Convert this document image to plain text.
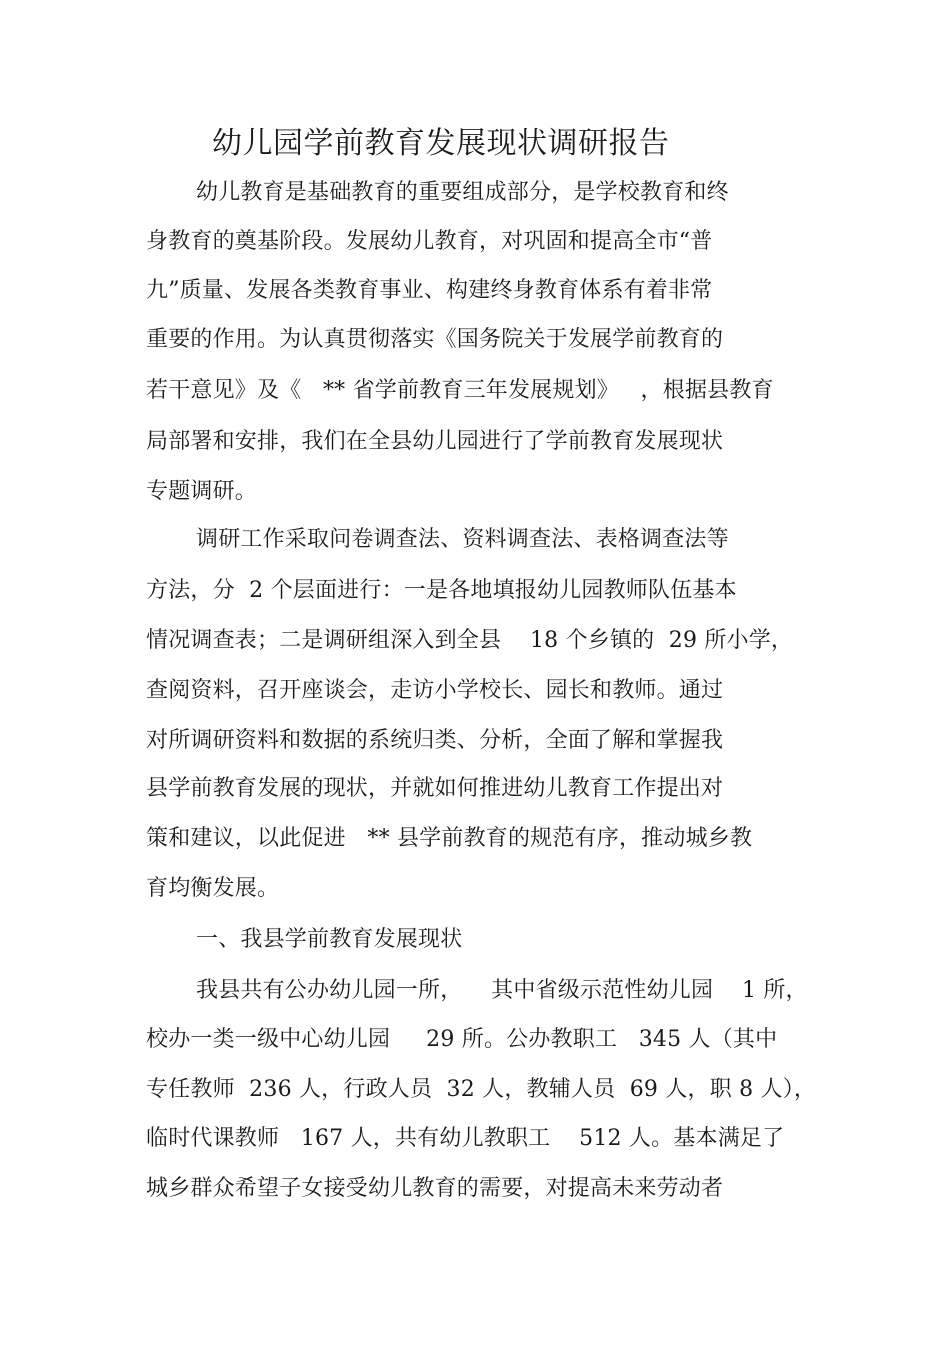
幼儿园学前教育发展现状调研报告
幼儿教育是基础教育的重要组成部分，是学校教育和终
身教育的奠基阶段。发展幼儿教育，对巩固和提高全市“普
九”质量、发展各类教育事业、构建终身教育体系有着非常
重要的作用。为认真贯彻落实《国务院关于发展学前教育的
若干意见》及《   ** 省学前教育三年发展规划》   ，根据县教育
局部署和安排，我们在全县幼儿园进行了学前教育发展现状
专题调研。
调研工作采取问卷调查法、资料调查法、表格调查法等
方法，分  2 个层面进行：一是各地填报幼儿园教师队伍基本
情况调查表；二是调研组深入到全县    18 个乡镇的  29 所小学，
查阅资料，召开座谈会，走访小学校长、园长和教师。通过
对所调研资料和数据的系统归类、分析，全面了解和掌握我
县学前教育发展的现状，并就如何推进幼儿教育工作提出对
策和建议，以此促进   ** 县学前教育的规范有序，推动城乡教
育均衡发展。
一、我县学前教育发展现状
我县共有公办幼儿园一所，    其中省级示范性幼儿园    1 所，
校办一类一级中心幼儿园     29 所。公办教职工   345 人（其中
专任教师  236 人，行政人员  32 人，教辅人员  69 人，职 8 人），
临时代课教师   167 人，共有幼儿教职工    512 人。基本满足了
城乡群众希望子女接受幼儿教育的需要，对提高未来劳动者
